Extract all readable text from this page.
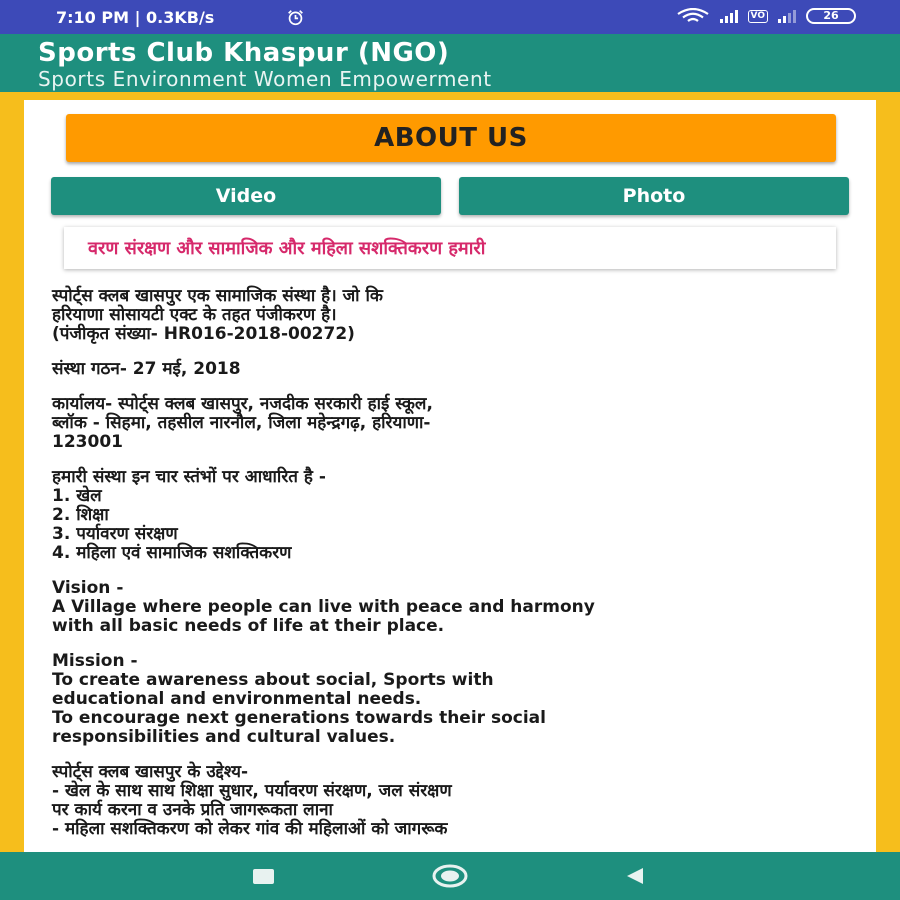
7:10 PM | 0.3KB/s	VO	26
Sports Club Khaspur (NGO)
Sports Environment Women Empowerment
ABOUT US
Video	Photo
वरण संरक्षण और सामाजिक और महिला सशक्तिकरण हमारी

स्पोर्ट्स क्लब खासपुर एक सामाजिक संस्था है। जो कि
हरियाणा सोसायटी एक्ट के तहत पंजीकरण है।
(पंजीकृत संख्या- HR016-2018-00272)

संस्था गठन- 27 मई, 2018

कार्यालय- स्पोर्ट्स क्लब खासपुर, नजदीक सरकारी हाई स्कूल,
ब्लॉक - सिहमा, तहसील नारनौल, जिला महेन्द्रगढ़, हरियाणा-
123001

हमारी संस्था इन चार स्तंभों पर आधारित है -
1. खेल
2. शिक्षा
3. पर्यावरण संरक्षण
4. महिला एवं सामाजिक सशक्तिकरण

Vision -
A Village where people can live with peace and harmony
with all basic needs of life at their place.

Mission -
To create awareness about social, Sports with
educational and environmental needs.
To encourage next generations towards their social
responsibilities and cultural values.

स्पोर्ट्स क्लब खासपुर के उद्देश्य-
- खेल के साथ साथ शिक्षा सुधार, पर्यावरण संरक्षण, जल संरक्षण
पर कार्य करना व उनके प्रति जागरूकता लाना
- महिला सशक्तिकरण को लेकर गांव की महिलाओं को जागरूक
